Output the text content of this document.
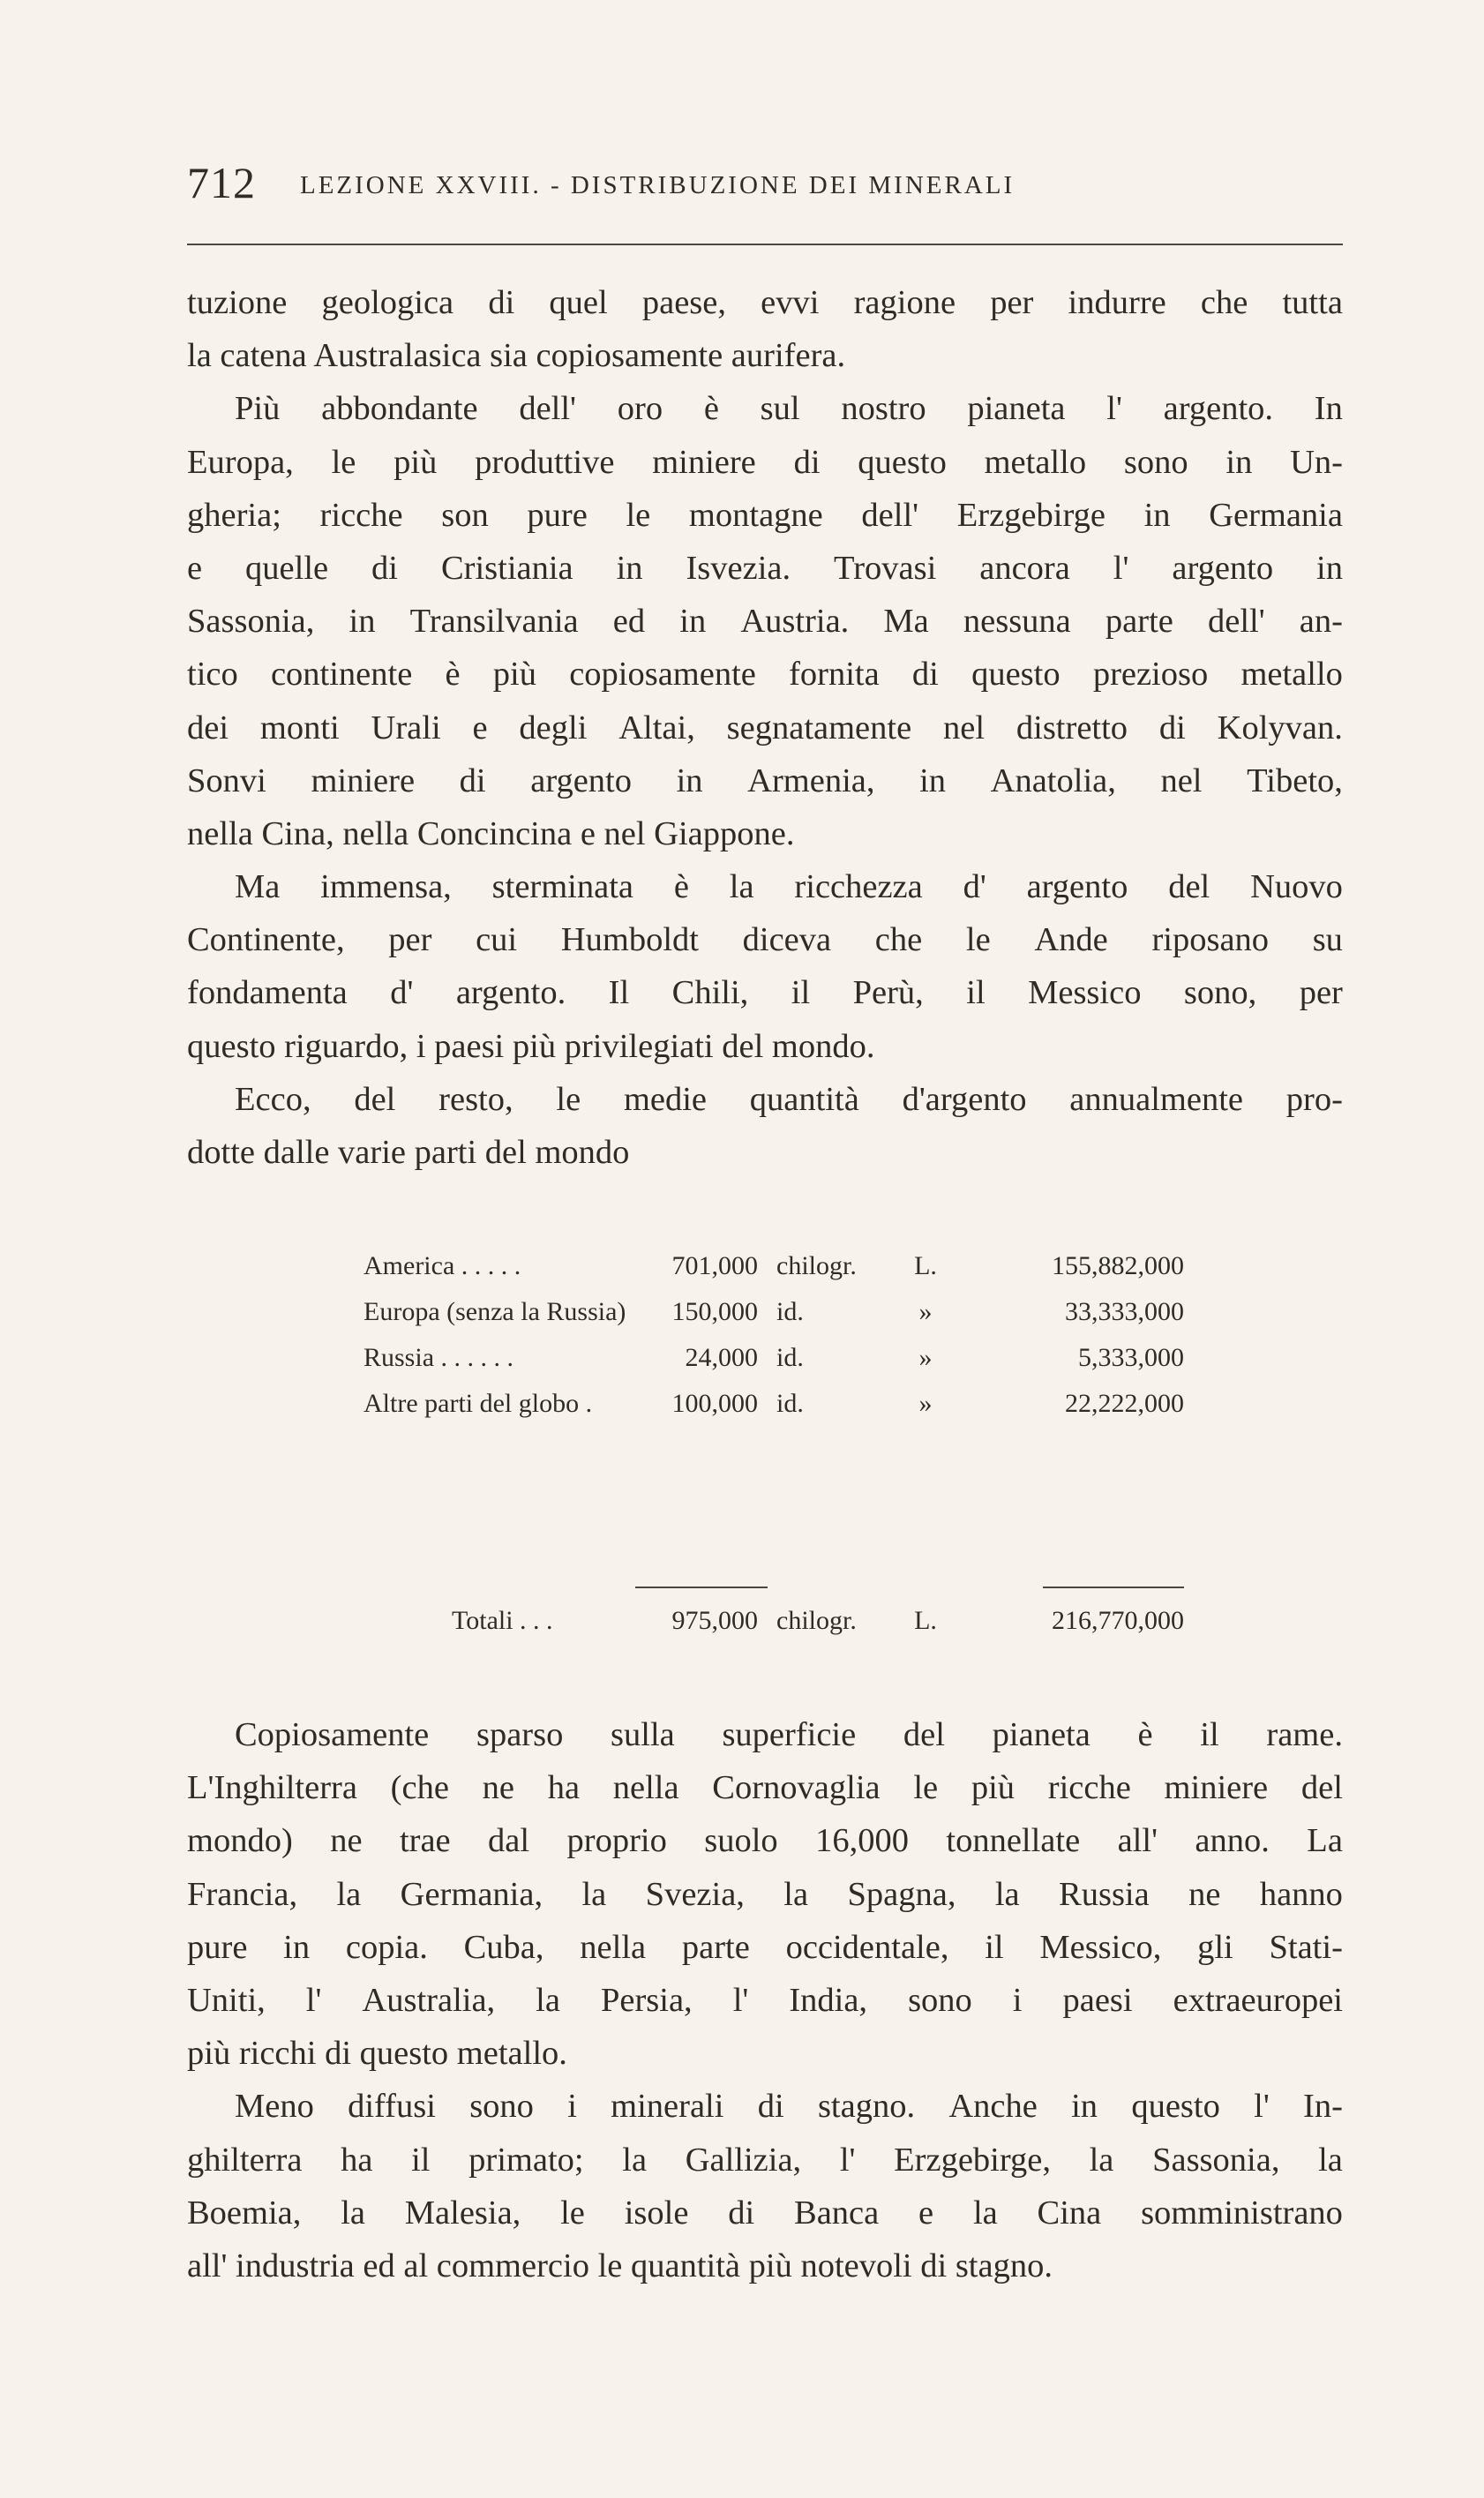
712 LEZIONE XXVIII. - DISTRIBUZIONE DEI MINERALI
tuzione geologica di quel paese, evvi ragione per indurre che tutta
la catena Australasica sia copiosamente aurifera.
Più abbondante dell' oro è sul nostro pianeta l' argento. In
Europa, le più produttive miniere di questo metallo sono in Un-
gheria; ricche son pure le montagne dell' Erzgebirge in Germania
e quelle di Cristiania in Isvezia. Trovasi ancora l' argento in
Sassonia, in Transilvania ed in Austria. Ma nessuna parte dell' an-
tico continente è più copiosamente fornita di questo prezioso metallo
dei monti Urali e degli Altai, segnatamente nel distretto di Kolyvan.
Sonvi miniere di argento in Armenia, in Anatolia, nel Tibeto,
nella Cina, nella Concincina e nel Giappone.
Ma immensa, sterminata è la ricchezza d' argento del Nuovo
Continente, per cui Humboldt diceva che le Ande riposano su
fondamenta d' argento. Il Chili, il Perù, il Messico sono, per
questo riguardo, i paesi più privilegiati del mondo.
Ecco, del resto, le medie quantità d'argento annualmente pro-
dotte dalle varie parti del mondo
America . . . . .	701,000 chilogr. L.	155,882,000
Europa (senza la Russia)	150,000 id.	»	33,333,000
Russia . . . . . .	24,000 id.	»	5,333,000
Altre parti del globo .	100,000 id.	»	22,222,000
Totali . . .	975,000 chilogr. L.	216,770,000
Copiosamente sparso sulla superficie del pianeta è il rame.
L'Inghilterra (che ne ha nella Cornovaglia le più ricche miniere del
mondo) ne trae dal proprio suolo 16,000 tonnellate all' anno. La
Francia, la Germania, la Svezia, la Spagna, la Russia ne hanno
pure in copia. Cuba, nella parte occidentale, il Messico, gli Stati-
Uniti, l' Australia, la Persia, l' India, sono i paesi extraeuropei
più ricchi di questo metallo.
Meno diffusi sono i minerali di stagno. Anche in questo l' In-
ghilterra ha il primato; la Gallizia, l' Erzgebirge, la Sassonia, la
Boemia, la Malesia, le isole di Banca e la Cina somministrano
all' industria ed al commercio le quantità più notevoli di stagno.
